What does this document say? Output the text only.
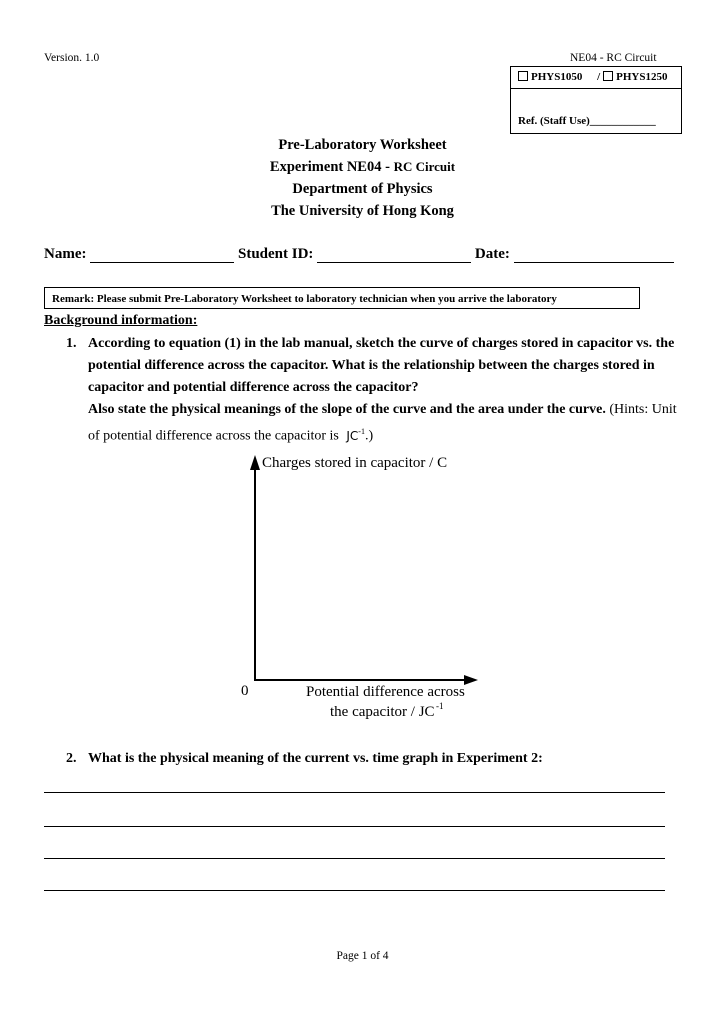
Version. 1.0	NE04 - RC Circuit
PHYS1050 / PHYS1250
Ref. (Staff Use)____________
Pre-Laboratory Worksheet
Experiment NE04 - RC Circuit
Department of Physics
The University of Hong Kong
Name:	Student ID:	Date:
Remark: Please submit Pre-Laboratory Worksheet to laboratory technician when you arrive the laboratory
Background information:
1. According to equation (1) in the lab manual, sketch the curve of charges stored in capacitor vs. the potential difference across the capacitor. What is the relationship between the charges stored in capacitor and potential difference across the capacitor?
Also state the physical meanings of the slope of the curve and the area under the curve. (Hints: Unit of potential difference across the capacitor is $JC^{-1}$.)
Charges stored in capacitor / C
0	Potential difference across
the capacitor / JC -1
2. What is the physical meaning of the current vs. time graph in Experiment 2:
Page 1 of 4
